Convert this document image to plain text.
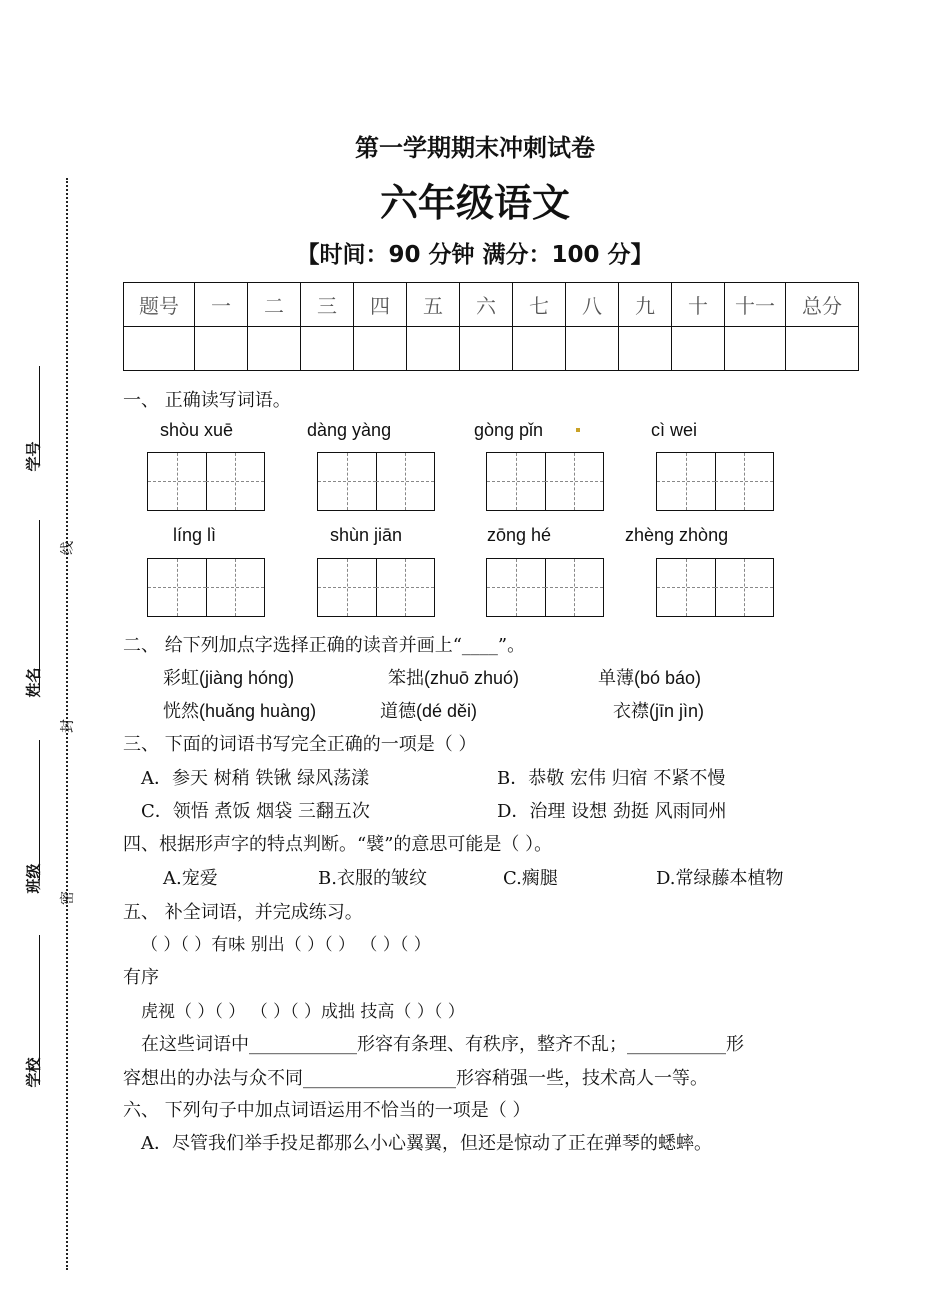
学号
姓名
班级
学校
线
封
密
第一学期期末冲刺试卷
六年级语文
【时间：90 分钟 满分：100 分】
题号	一	二	三	四	五	六	七	八	九	十	十一	总分

一、 正确读写词语。
shòu xuē	dàng yàng	gòng pǐn	cì wei
líng lì	shùn jiān	zōng hé	zhèng zhòng
二、 给下列加点字选择正确的读音并画上“____”。
彩虹(jiàng hóng)	笨拙(zhuō zhuó)	单薄(bó báo)
恍然(huǎng huàng)	道德(dé děi)	衣襟(jīn jìn)
三、 下面的词语书写完全正确的一项是（ ）
A．参天 树稍 铁锹 绿风荡漾	B．恭敬 宏伟 归宿 不紧不慢
C．领悟 煮饭 烟袋 三翻五次	D．治理 设想 劲挺 风雨同州
四、根据形声字的特点判断。“襞”的意思可能是（ ）。
A.宠爱	B.衣服的皱纹	C.瘸腿	D.常绿藤本植物
五、 补全词语，并完成练习。
（ ）（ ）有味 别出（ ）（ ） （ ）（ ）
有序
虎视（ ）（ ） （ ）（ ）成拙 技高（ ）（ ）
在这些词语中____________形容有条理、有秩序，整齐不乱；___________形
容想出的办法与众不同_________________形容稍强一些，技术高人一等。
六、 下列句子中加点词语运用不恰当的一项是（ ）
A．尽管我们举手投足都那么小心翼翼，但还是惊动了正在弹琴的蟋蟀。
